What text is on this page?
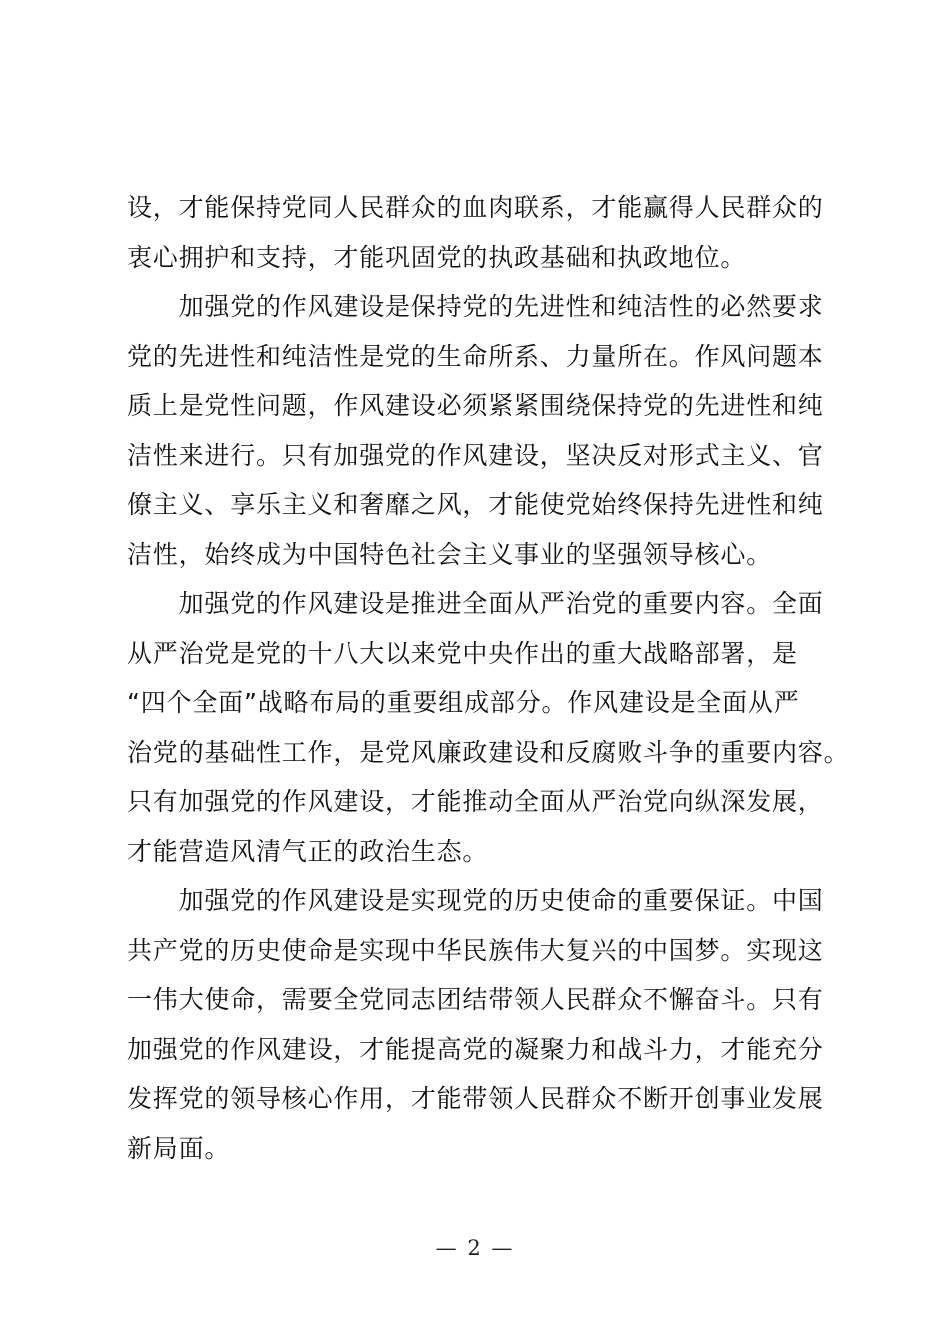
设，才能保持党同人民群众的血肉联系，才能赢得人民群众的
衷心拥护和支持，才能巩固党的执政基础和执政地位。
　　加强党的作风建设是保持党的先进性和纯洁性的必然要求
党的先进性和纯洁性是党的生命所系、力量所在。作风问题本
质上是党性问题，作风建设必须紧紧围绕保持党的先进性和纯
洁性来进行。只有加强党的作风建设，坚决反对形式主义、官
僚主义、享乐主义和奢靡之风，才能使党始终保持先进性和纯
洁性，始终成为中国特色社会主义事业的坚强领导核心。
　　加强党的作风建设是推进全面从严治党的重要内容。全面
从严治党是党的十八大以来党中央作出的重大战略部署，是
“四个全面”战略布局的重要组成部分。作风建设是全面从严
治党的基础性工作，是党风廉政建设和反腐败斗争的重要内容。
只有加强党的作风建设，才能推动全面从严治党向纵深发展，
才能营造风清气正的政治生态。
　　加强党的作风建设是实现党的历史使命的重要保证。中国
共产党的历史使命是实现中华民族伟大复兴的中国梦。实现这
一伟大使命，需要全党同志团结带领人民群众不懈奋斗。只有
加强党的作风建设，才能提高党的凝聚力和战斗力，才能充分
发挥党的领导核心作用，才能带领人民群众不断开创事业发展
新局面。
— 2 —
